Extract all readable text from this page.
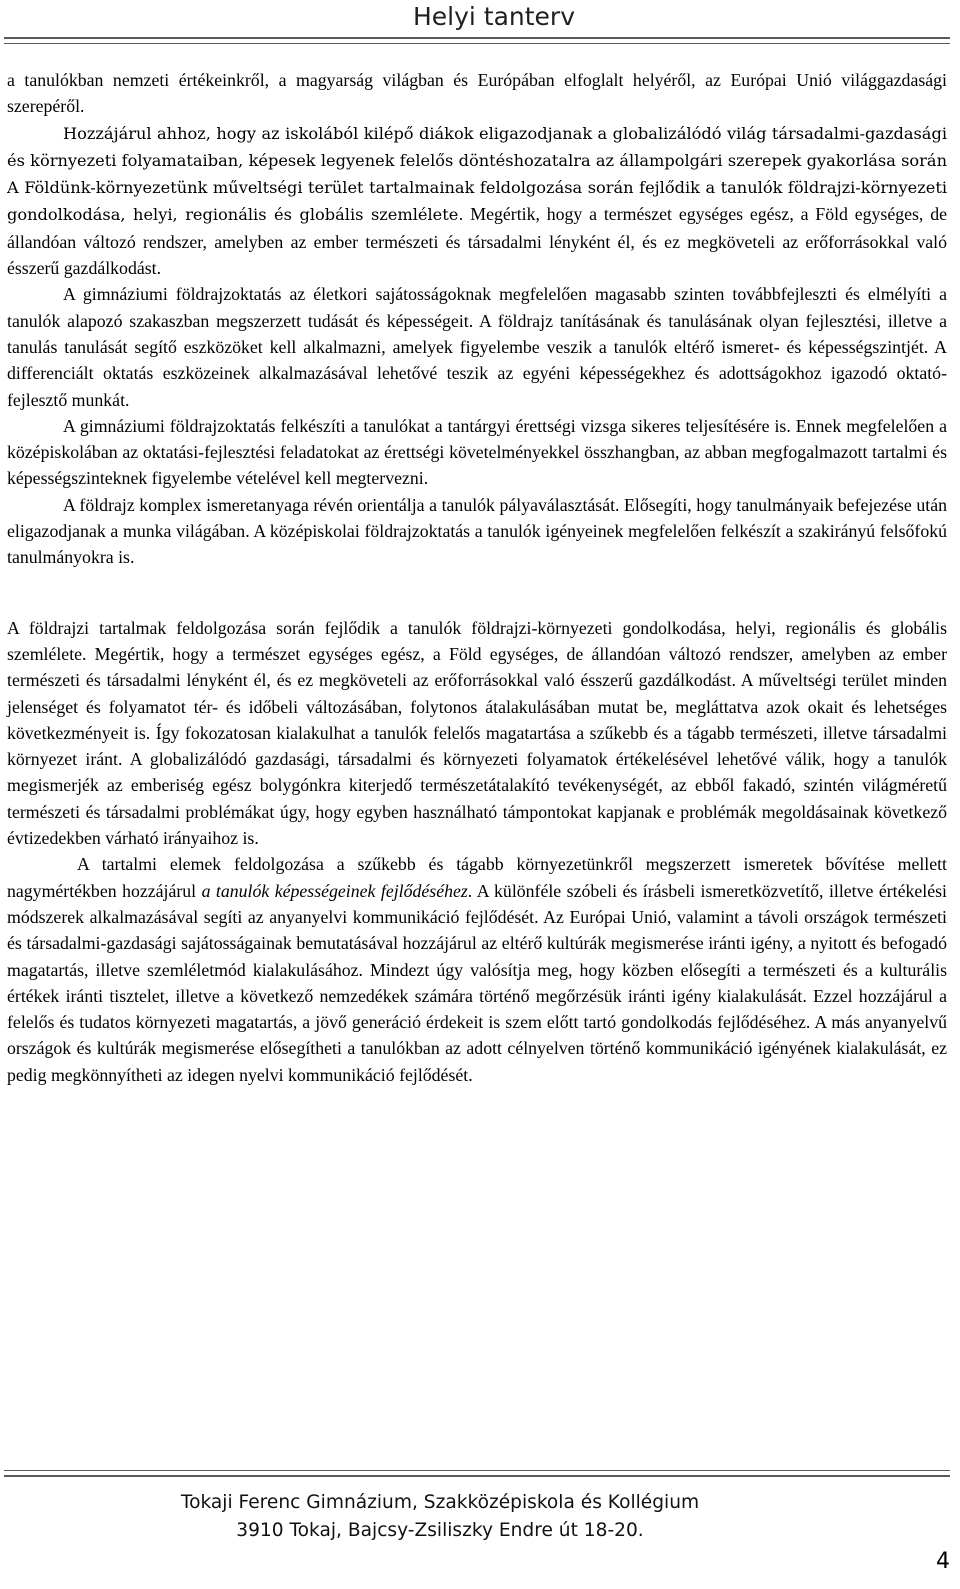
Helyi tanterv

a tanulókban nemzeti értékeinkről, a magyarság világban és Európában elfoglalt helyéről, az Európai Unió világgazdasági szerepéről.

Hozzájárul ahhoz, hogy az iskolából kilépő diákok eligazodjanak a globalizálódó világ társadalmi-gazdasági és környezeti folyamataiban, képesek legyenek felelős döntéshozatalra az állampolgári szerepek gyakorlása során A Földünk-környezetünk műveltségi terület tartalmainak feldolgozása során fejlődik a tanulók földrajzi-környezeti gondolkodása, helyi, regionális és globális szemlélete. Megértik, hogy a természet egységes egész, a Föld egységes, de állandóan változó rendszer, amelyben az ember természeti és társadalmi lényként él, és ez megköveteli az erőforrásokkal való ésszerű gazdálkodást.

A gimnáziumi földrajzoktatás az életkori sajátosságoknak megfelelően magasabb szinten továbbfejleszti és elmélyíti a tanulók alapozó szakaszban megszerzett tudását és képességeit. A földrajz tanításának és tanulásának olyan fejlesztési, illetve a tanulás tanulását segítő eszközöket kell alkalmazni, amelyek figyelembe veszik a tanulók eltérő ismeret- és képességszintjét. A differenciált oktatás eszközeinek alkalmazásával lehetővé teszik az egyéni képességekhez és adottságokhoz igazodó oktató-fejlesztő munkát.

A gimnáziumi földrajzoktatás felkészíti a tanulókat a tantárgyi érettségi vizsga sikeres teljesítésére is. Ennek megfelelően a középiskolában az oktatási-fejlesztési feladatokat az érettségi követelményekkel összhangban, az abban megfogalmazott tartalmi és képességszinteknek figyelembe vételével kell megtervezni.

A földrajz komplex ismeretanyaga révén orientálja a tanulók pályaválasztását. Elősegíti, hogy tanulmányaik befejezése után eligazodjanak a munka világában. A középiskolai földrajzoktatás a tanulók igényeinek megfelelően felkészít a szakirányú felsőfokú tanulmányokra is.

A földrajzi tartalmak feldolgozása során fejlődik a tanulók földrajzi-környezeti gondolkodása, helyi, regionális és globális szemlélete. Megértik, hogy a természet egységes egész, a Föld egységes, de állandóan változó rendszer, amelyben az ember természeti és társadalmi lényként él, és ez megköveteli az erőforrásokkal való ésszerű gazdálkodást. A műveltségi terület minden jelenséget és folyamatot tér- és időbeli változásában, folytonos átalakulásában mutat be, megláttatva azok okait és lehetséges következményeit is. Így fokozatosan kialakulhat a tanulók felelős magatartása a szűkebb és a tágabb természeti, illetve társadalmi környezet iránt. A globalizálódó gazdasági, társadalmi és környezeti folyamatok értékelésével lehetővé válik, hogy a tanulók megismerjék az emberiség egész bolygónkra kiterjedő természetátalakító tevékenységét, az ebből fakadó, szintén világméretű természeti és társadalmi problémákat úgy, hogy egyben használható támpontokat kapjanak e problémák megoldásainak következő évtizedekben várható irányaihoz is.

A tartalmi elemek feldolgozása a szűkebb és tágabb környezetünkről megszerzett ismeretek bővítése mellett nagymértékben hozzájárul a tanulók képességeinek fejlődéséhez. A különféle szóbeli és írásbeli ismeretközvetítő, illetve értékelési módszerek alkalmazásával segíti az anyanyelvi kommunikáció fejlődését. Az Európai Unió, valamint a távoli országok természeti és társadalmi-gazdasági sajátosságainak bemutatásával hozzájárul az eltérő kultúrák megismerése iránti igény, a nyitott és befogadó magatartás, illetve szemléletmód kialakulásához. Mindezt úgy valósítja meg, hogy közben elősegíti a természeti és a kulturális értékek iránti tisztelet, illetve a következő nemzedékek számára történő megőrzésük iránti igény kialakulását. Ezzel hozzájárul a felelős és tudatos környezeti magatartás, a jövő generáció érdekeit is szem előtt tartó gondolkodás fejlődéséhez. A más anyanyelvű országok és kultúrák megismerése elősegítheti a tanulókban az adott célnyelven történő kommunikáció igényének kialakulását, ez pedig megkönnyítheti az idegen nyelvi kommunikáció fejlődését.

Tokaji Ferenc Gimnázium, Szakközépiskola és Kollégium
3910 Tokaj, Bajcsy-Zsiliszky Endre út 18-20.
4
